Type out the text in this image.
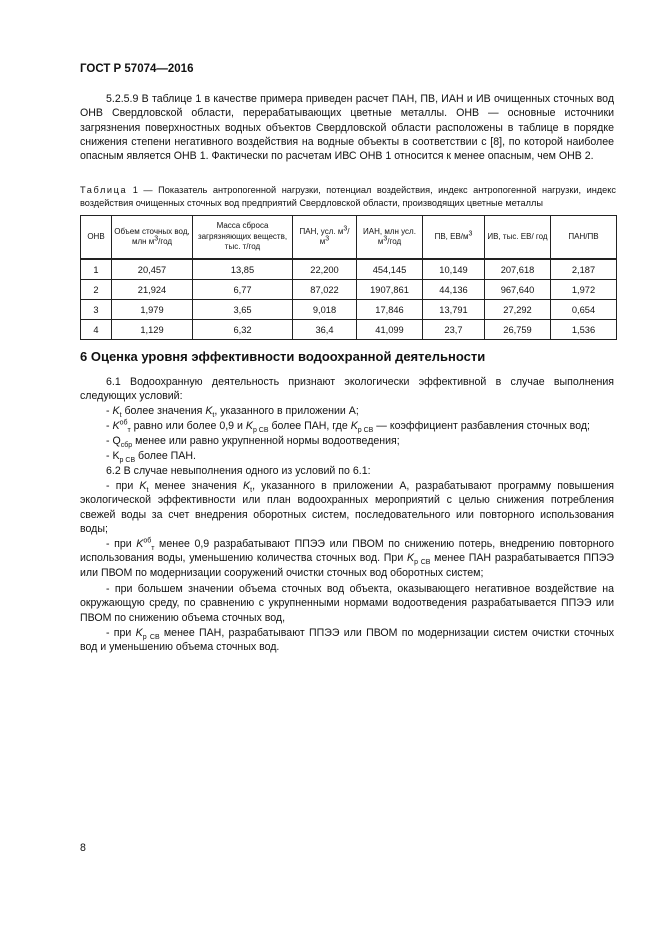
ГОСТ Р 57074—2016

5.2.5.9 В таблице 1 в качестве примера приведен расчет ПАН, ПВ, ИАН и ИВ очищенных сточных вод ОНВ Свердловской области, перерабатывающих цветные металлы. ОНВ — основные источники загрязнения поверхностных водных объектов Свердловской области расположены в таблице в порядке снижения степени негативного воздействия на водные объекты в соответствии с [8], по которой наиболее опасным является ОНВ 1. Фактически по расчетам ИВС ОНВ 1 относится к менее опасным, чем ОНВ 2.

Таблица 1 — Показатель антропогенной нагрузки, потенциал воздействия, индекс антропогенной нагрузки, индекс воздействия очищенных сточных вод предприятий Свердловской области, производящих цветные металлы

ОНВ	Объем сточных вод, млн $м^3$/год	Масса сброса загрязняющих веществ, тыс. т/год	ПАН, усл. $м^3/м^3$	ИАН, млн усл. $м^3$/год	ПВ, $ЕВ/м^3$	ИВ, тыс. ЕВ/ год	ПАН/ПВ
1	20,457	13,85	22,200	454,145	10,149	207,618	2,187
2	21,924	6,77	87,022	1907,861	44,136	967,640	1,972
3	1,979	3,65	9,018	17,846	13,791	27,292	0,654
4	1,129	6,32	36,4	41,099	23,7	26,759	1,536
6 Оценка уровня эффективности водоохранной деятельности

6.1 Водоохранную деятельность признают экологически эффективной в случае выполнения следующих условий:

- $K_t$ более значения $K_t$, указанного в приложении А;

- $K^{об}_т$ равно или более 0,9 и $K_{р СВ}$ более ПАН, где $K_{р СВ}$ — коэффициент разбавления сточных вод;

- $Q_{сбр}$ менее или равно укрупненной нормы водоотведения;

- $K_{р СВ}$ более ПАН.

6.2 В случае невыполнения одного из условий по 6.1:

- при $K_t$ менее значения $K_t$, указанного в приложении А, разрабатывают программу повышения экологической эффективности или план водоохранных мероприятий с целью снижения потребления свежей воды за счет внедрения оборотных систем, последовательного или повторного использования воды;

- при $K^{об}_т$ менее 0,9 разрабатывают ППЭЭ или ПВОМ по снижению потерь, внедрению повторного использования воды, уменьшению количества сточных вод. При $K_{р СВ}$ менее ПАН разрабатывается ППЭЭ или ПВОМ по модернизации сооружений очистки сточных вод оборотных систем;

- при большем значении объема сточных вод объекта, оказывающего негативное воздействие на окружающую среду, по сравнению с укрупненными нормами водоотведения разрабатывается ППЭЭ или ПВОМ по снижению объема сточных вод,

- при $K_{р СВ}$ менее ПАН, разрабатывают ППЭЭ или ПВОМ по модернизации систем очистки сточных вод и уменьшению объема сточных вод.

8
